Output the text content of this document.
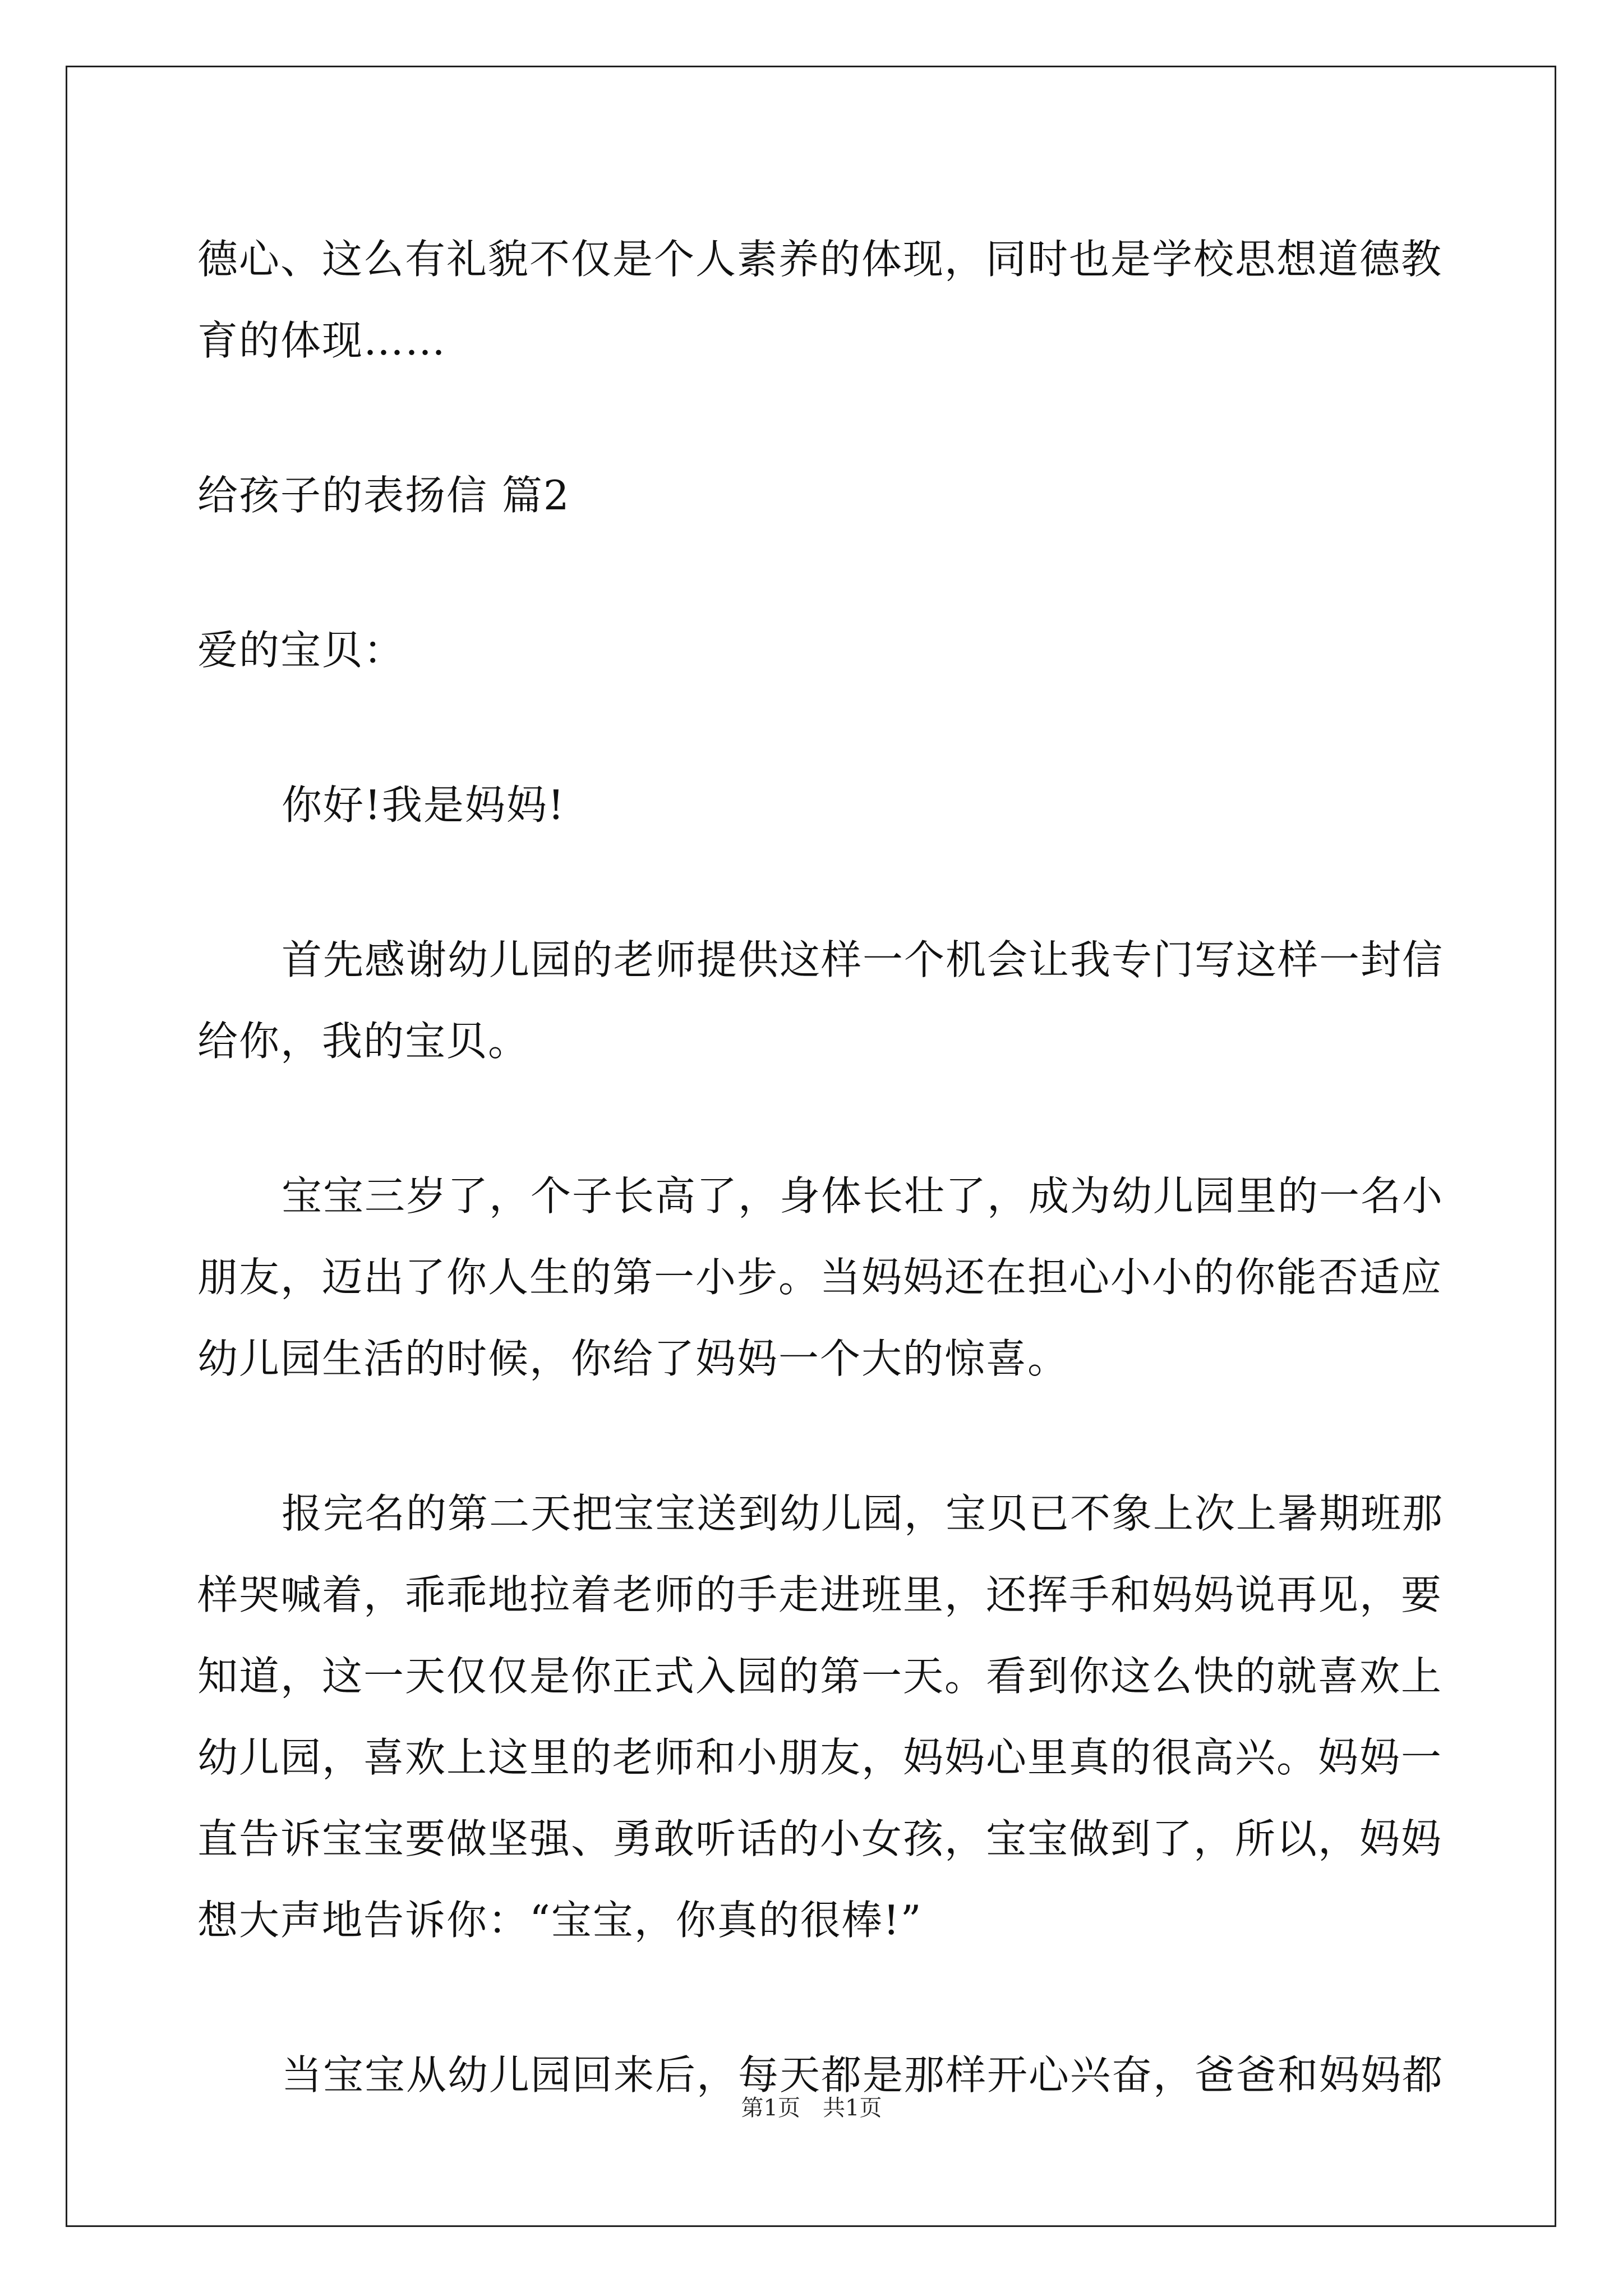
德心、这么有礼貌不仅是个人素养的体现，同时也是学校思想道德教

育的体现……

给孩子的表扬信 篇2

爱的宝贝：

你好!我是妈妈!

首先感谢幼儿园的老师提供这样一个机会让我专门写这样一封信

给你，我的宝贝。

宝宝三岁了，个子长高了，身体长壮了，成为幼儿园里的一名小

朋友，迈出了你人生的第一小步。当妈妈还在担心小小的你能否适应

幼儿园生活的时候，你给了妈妈一个大的惊喜。

报完名的第二天把宝宝送到幼儿园，宝贝已不象上次上暑期班那

样哭喊着，乖乖地拉着老师的手走进班里，还挥手和妈妈说再见，要

知道，这一天仅仅是你正式入园的第一天。看到你这么快的就喜欢上

幼儿园，喜欢上这里的老师和小朋友，妈妈心里真的很高兴。妈妈一

直告诉宝宝要做坚强、勇敢听话的小女孩，宝宝做到了，所以，妈妈

想大声地告诉你：“宝宝，你真的很棒!”

当宝宝从幼儿园回来后，每天都是那样开心兴奋，爸爸和妈妈都

第1页　共1页
